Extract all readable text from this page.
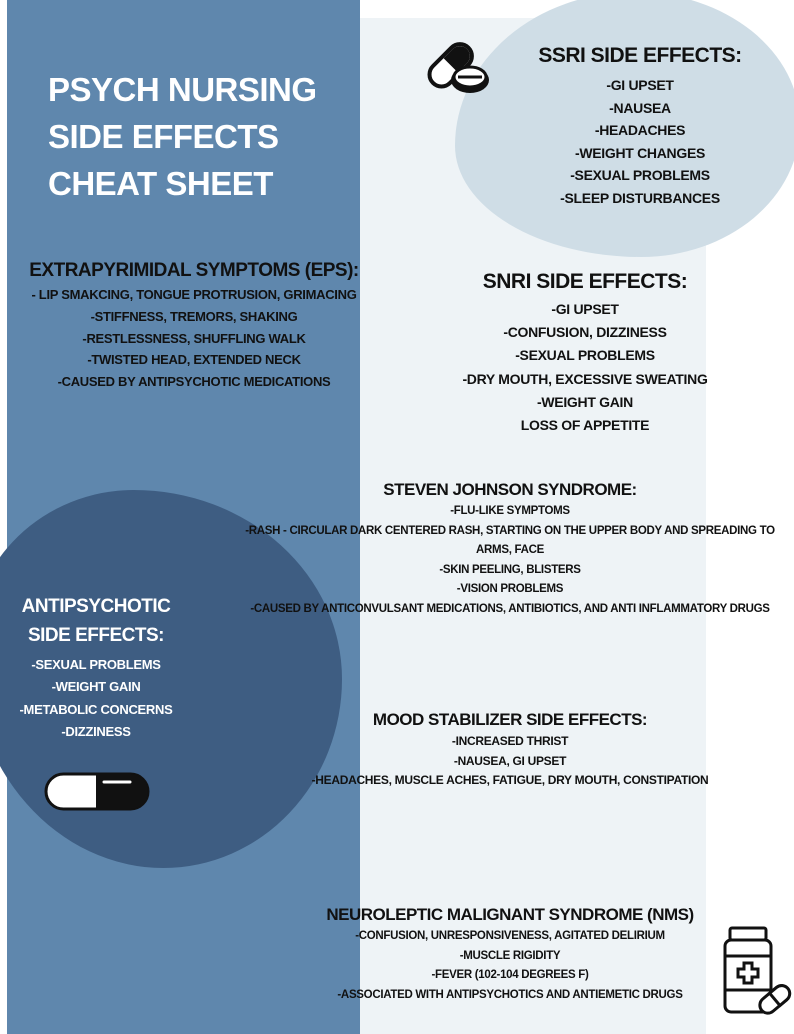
PSYCH NURSING
SIDE EFFECTS
CHEAT SHEET
SSRI SIDE EFFECTS:
-GI UPSET
-NAUSEA
-HEADACHES
-WEIGHT CHANGES
-SEXUAL PROBLEMS
-SLEEP DISTURBANCES
EXTRAPYRIMIDAL SYMPTOMS (EPS):
- LIP SMAKCING, TONGUE PROTRUSION, GRIMACING
-STIFFNESS, TREMORS, SHAKING
-RESTLESSNESS, SHUFFLING WALK
-TWISTED HEAD, EXTENDED NECK
-CAUSED BY ANTIPSYCHOTIC MEDICATIONS
SNRI SIDE EFFECTS:
-GI UPSET
-CONFUSION, DIZZINESS
-SEXUAL PROBLEMS
-DRY MOUTH, EXCESSIVE SWEATING
-WEIGHT GAIN
LOSS OF APPETITE
STEVEN JOHNSON SYNDROME:
-FLU-LIKE SYMPTOMS
-RASH - CIRCULAR DARK CENTERED RASH, STARTING ON THE UPPER BODY AND SPREADING TO
ARMS, FACE
-SKIN PEELING, BLISTERS
-VISION PROBLEMS
-CAUSED BY ANTICONVULSANT MEDICATIONS, ANTIBIOTICS, AND ANTI INFLAMMATORY DRUGS
ANTIPSYCHOTIC
SIDE EFFECTS:
-SEXUAL PROBLEMS
-WEIGHT GAIN
-METABOLIC CONCERNS
-DIZZINESS
MOOD STABILIZER SIDE EFFECTS:
-INCREASED THRIST
-NAUSEA, GI UPSET
-HEADACHES, MUSCLE ACHES, FATIGUE, DRY MOUTH, CONSTIPATION
NEUROLEPTIC MALIGNANT SYNDROME (NMS)
-CONFUSION, UNRESPONSIVENESS, AGITATED DELIRIUM
-MUSCLE RIGIDITY
-FEVER (102-104 DEGREES F)
-ASSOCIATED WITH ANTIPSYCHOTICS AND ANTIEMETIC DRUGS
